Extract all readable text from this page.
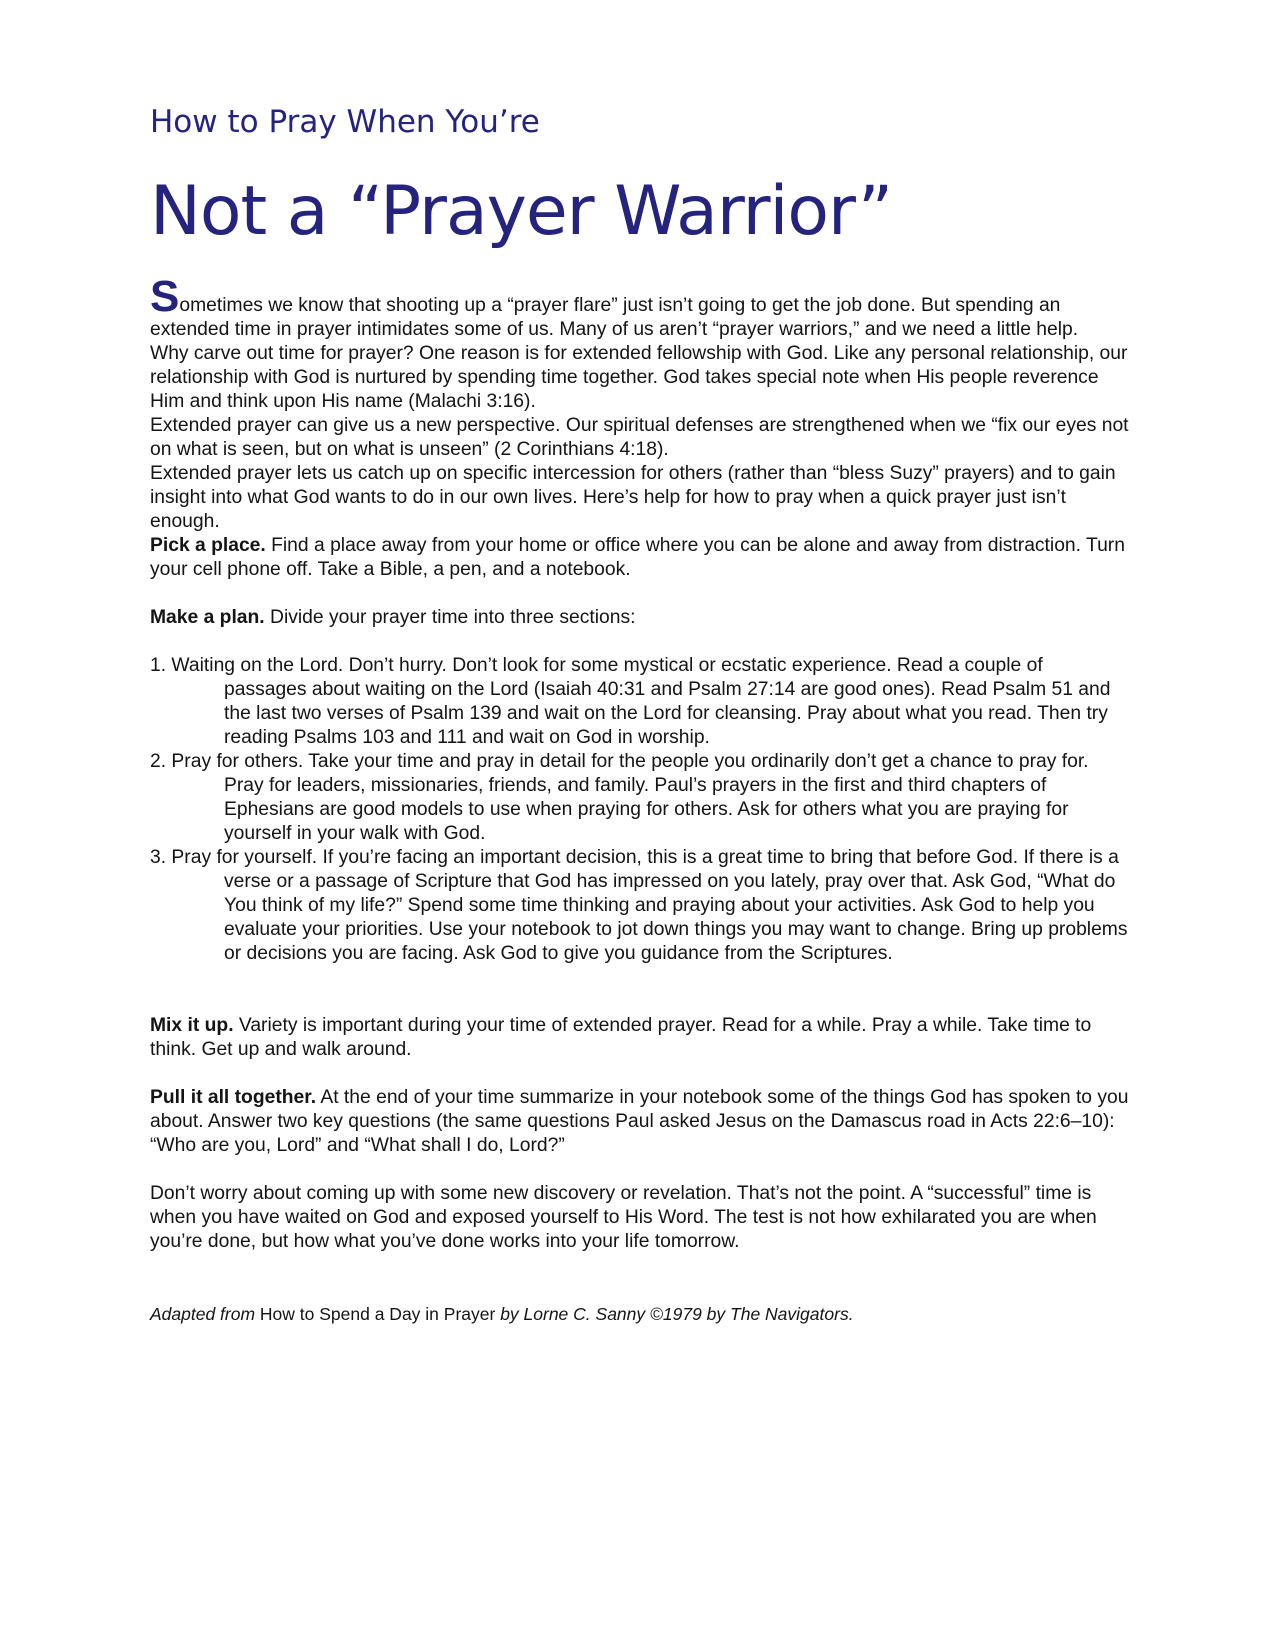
How to Pray When You’re
Not a “Prayer Warrior”

Sometimes we know that shooting up a “prayer flare” just isn’t going to get the job done. But spending an extended time in prayer intimidates some of us. Many of us aren’t “prayer warriors,” and we need a little help.

Why carve out time for prayer? One reason is for extended fellowship with God. Like any personal relationship, our relationship with God is nurtured by spending time together. God takes special note when His people reverence Him and think upon His name (Malachi 3:16).

Extended prayer can give us a new perspective. Our spiritual defenses are strengthened when we “fix our eyes not on what is seen, but on what is unseen” (2 Corinthians 4:18).

Extended prayer lets us catch up on specific intercession for others (rather than “bless Suzy” prayers) and to gain insight into what God wants to do in our own lives. Here’s help for how to pray when a quick prayer just isn’t enough.

Pick a place. Find a place away from your home or office where you can be alone and away from distraction. Turn your cell phone off. Take a Bible, a pen, and a notebook.

Make a plan. Divide your prayer time into three sections:

1. Waiting on the Lord. Don’t hurry. Don’t look for some mystical or ecstatic experience. Read a couple of passages about waiting on the Lord (Isaiah 40:31 and Psalm 27:14 are good ones). Read Psalm 51 and the last two verses of Psalm 139 and wait on the Lord for cleansing. Pray about what you read. Then try reading Psalms 103 and 111 and wait on God in worship.
2. Pray for others. Take your time and pray in detail for the people you ordinarily don’t get a chance to pray for. Pray for leaders, missionaries, friends, and family. Paul’s prayers in the first and third chapters of Ephesians are good models to use when praying for others. Ask for others what you are praying for yourself in your walk with God.
3. Pray for yourself. If you’re facing an important decision, this is a great time to bring that before God. If there is a verse or a passage of Scripture that God has impressed on you lately, pray over that. Ask God, “What do You think of my life?” Spend some time thinking and praying about your activities. Ask God to help you evaluate your priorities. Use your notebook to jot down things you may want to change. Bring up problems or decisions you are facing. Ask God to give you guidance from the Scriptures.

Mix it up. Variety is important during your time of extended prayer. Read for a while. Pray a while. Take time to think. Get up and walk around.

Pull it all together. At the end of your time summarize in your notebook some of the things God has spoken to you about. Answer two key questions (the same questions Paul asked Jesus on the Damascus road in Acts 22:6–10): “Who are you, Lord” and “What shall I do, Lord?”

Don’t worry about coming up with some new discovery or revelation. That’s not the point. A “successful” time is when you have waited on God and exposed yourself to His Word. The test is not how exhilarated you are when you’re done, but how what you’ve done works into your life tomorrow.

Adapted from How to Spend a Day in Prayer by Lorne C. Sanny ©1979 by The Navigators.
